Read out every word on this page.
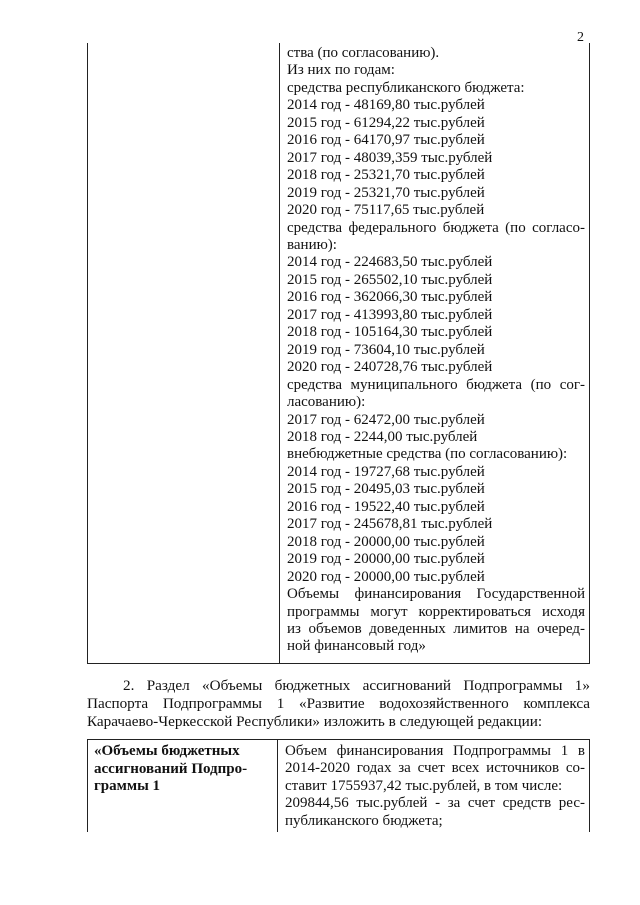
2

ства (по согласованию).

Из них по годам:

средства республиканского бюджета:

2014 год - 48169,80 тыс.рублей

2015 год - 61294,22 тыс.рублей

2016 год - 64170,97 тыс.рублей

2017 год - 48039,359 тыс.рублей

2018 год - 25321,70 тыс.рублей

2019 год - 25321,70 тыс.рублей

2020 год - 75117,65 тыс.рублей

средства федерального бюджета (по согласо-

ванию):

2014 год - 224683,50 тыс.рублей

2015 год - 265502,10 тыс.рублей

2016 год - 362066,30 тыс.рублей

2017 год - 413993,80 тыс.рублей

2018 год - 105164,30 тыс.рублей

2019 год - 73604,10 тыс.рублей

2020 год - 240728,76 тыс.рублей

средства муниципального бюджета (по сог-

ласованию):

2017 год - 62472,00 тыс.рублей

2018 год - 2244,00 тыс.рублей

внебюджетные средства (по согласованию):

2014 год - 19727,68 тыс.рублей

2015 год - 20495,03 тыс.рублей

2016 год - 19522,40 тыс.рублей

2017 год - 245678,81 тыс.рублей

2018 год - 20000,00 тыс.рублей

2019 год - 20000,00 тыс.рублей

2020 год - 20000,00 тыс.рублей

Объемы финансирования Государственной

программы могут корректироваться исходя

из объемов доведенных лимитов на очеред-

ной финансовый год»

2. Раздел «Объемы бюджетных ассигнований Подпрограммы 1»
Паспорта Подпрограммы 1 «Развитие водохозяйственного комплекса
Карачаево-Черкесской Республики» изложить в следующей редакции:
«Объемы бюджетных
ассигнований Подпро-
граммы 1

Объем финансирования Подпрограммы 1 в

2014-2020 годах за счет всех источников со-

ставит 1755937,42 тыс.рублей, в том числе:

209844,56 тыс.рублей - за счет средств рес-

публиканского бюджета;
